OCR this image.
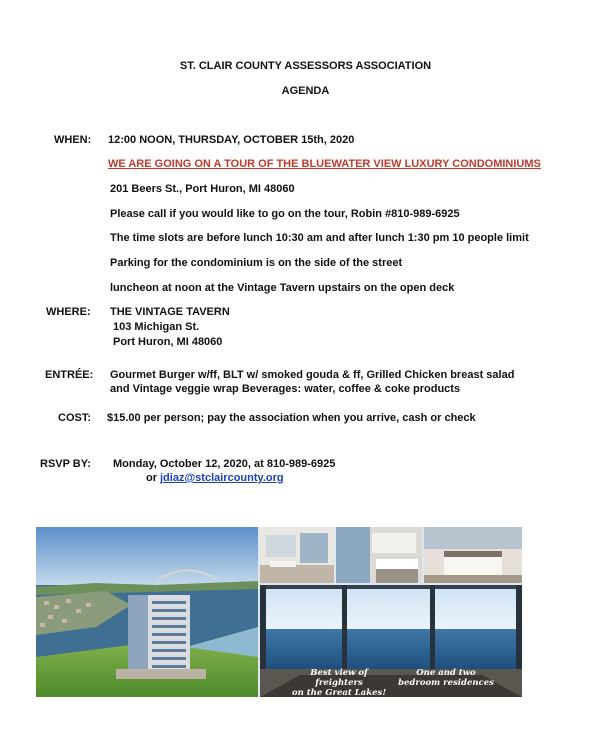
ST. CLAIR COUNTY ASSESSORS ASSOCIATION
AGENDA
WHEN: 12:00 NOON, THURSDAY, OCTOBER 15th, 2020
WE ARE GOING ON A TOUR OF THE BLUEWATER VIEW LUXURY CONDOMINIUMS
201 Beers St., Port Huron, MI 48060
Please call if you would like to go on the tour, Robin #810-989-6925
The time slots are before lunch 10:30 am and after lunch 1:30 pm 10 people limit
Parking for the condominium is on the side of the street
luncheon at noon at the Vintage Tavern upstairs on the open deck
WHERE: THE VINTAGE TAVERN
103 Michigan St.
Port Huron, MI 48060
ENTRÉE: Gourmet Burger w/ff, BLT w/ smoked gouda & ff, Grilled Chicken breast salad
and Vintage veggie wrap Beverages: water, coffee & coke products
COST: $15.00 per person; pay the association when you arrive, cash or check
RSVP BY: Monday, October 12, 2020, at 810-989-6925
or jdiaz@stclaircounty.org
Best view of freighters
on the Great Lakes!
One and two
bedroom residences
